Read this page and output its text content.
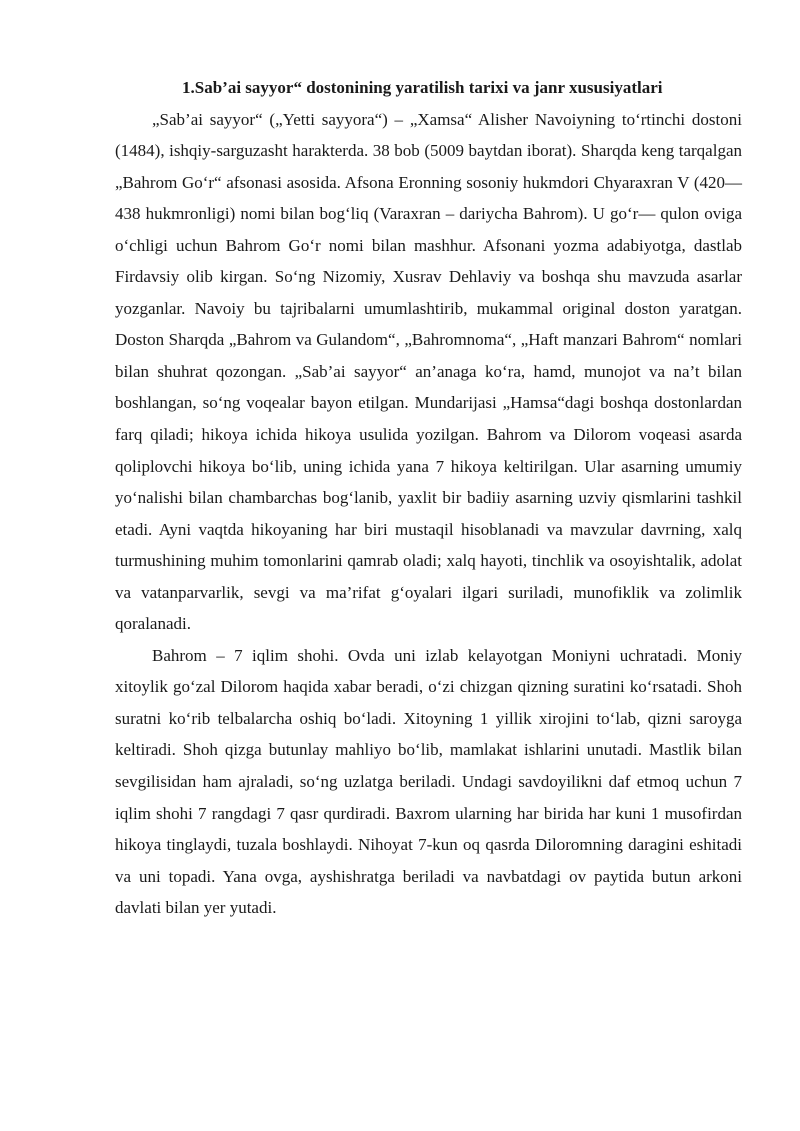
1.Sab’ai sayyor“ dostonining yaratilish tarixi va janr xususiyatlari

„Sab’ai sayyor“ („Yetti sayyora“) – „Xamsa“ Alisher Navoiyning to‘rtinchi dostoni (1484), ishqiy-sarguzasht harakterda. 38 bob (5009 baytdan iborat). Sharqda keng tarqalgan „Bahrom Go‘r“ afsonasi asosida. Afsona Eronning sosoniy hukmdori Chyaraxran V (420— 438 hukmronligi) nomi bilan bog‘liq (Varaxran – dariycha Bahrom). U go‘r— qulon oviga o‘chligi uchun Bahrom Go‘r nomi bilan mashhur. Afsonani yozma adabiyotga, dastlab Firdavsiy olib kirgan. So‘ng Nizomiy, Xusrav Dehlaviy va boshqa shu mavzuda asarlar yozganlar. Navoiy bu tajribalarni umumlashtirib, mukammal original doston yaratgan. Doston Sharqda „Bahrom va Gulandom“, „Bahromnoma“, „Haft manzari Bahrom“ nomlari bilan shuhrat qozongan. „Sab’ai sayyor“ an’anaga ko‘ra, hamd, munojot va na’t bilan boshlangan, so‘ng voqealar bayon etilgan. Mundarijasi „Hamsa“dagi boshqa dostonlardan farq qiladi; hikoya ichida hikoya usulida yozilgan. Bahrom va Dilorom voqeasi asarda qoliplovchi hikoya bo‘lib, uning ichida yana 7 hikoya keltirilgan. Ular asarning umumiy yo‘nalishi bilan chambarchas bog‘lanib, yaxlit bir badiiy asarning uzviy qismlarini tashkil etadi. Ayni vaqtda hikoyaning har biri mustaqil hisoblanadi va mavzular davrning, xalq turmushining muhim tomonlarini qamrab oladi; xalq hayoti, tinchlik va osoyishtalik, adolat va vatanparvarlik, sevgi va ma’rifat g‘oyalari ilgari suriladi, munofiklik va zolimlik qoralanadi.

Bahrom – 7 iqlim shohi. Ovda uni izlab kelayotgan Moniyni uchratadi. Moniy xitoylik go‘zal Dilorom haqida xabar beradi, o‘zi chizgan qizning suratini ko‘rsatadi. Shoh suratni ko‘rib telbalarcha oshiq bo‘ladi. Xitoyning 1 yillik xirojini to‘lab, qizni saroyga keltiradi. Shoh qizga butunlay mahliyo bo‘lib, mamlakat ishlarini unutadi. Mastlik bilan sevgilisidan ham ajraladi, so‘ng uzlatga beriladi. Undagi savdoyilikni daf etmoq uchun 7 iqlim shohi 7 rangdagi 7 qasr qurdiradi. Baxrom ularning har birida har kuni 1 musofirdan hikoya tinglaydi, tuzala boshlaydi. Nihoyat 7-kun oq qasrda Diloromning daragini eshitadi va uni topadi. Yana ovga, ayshishratga beriladi va navbatdagi ov paytida butun arkoni davlati bilan yer yutadi.
